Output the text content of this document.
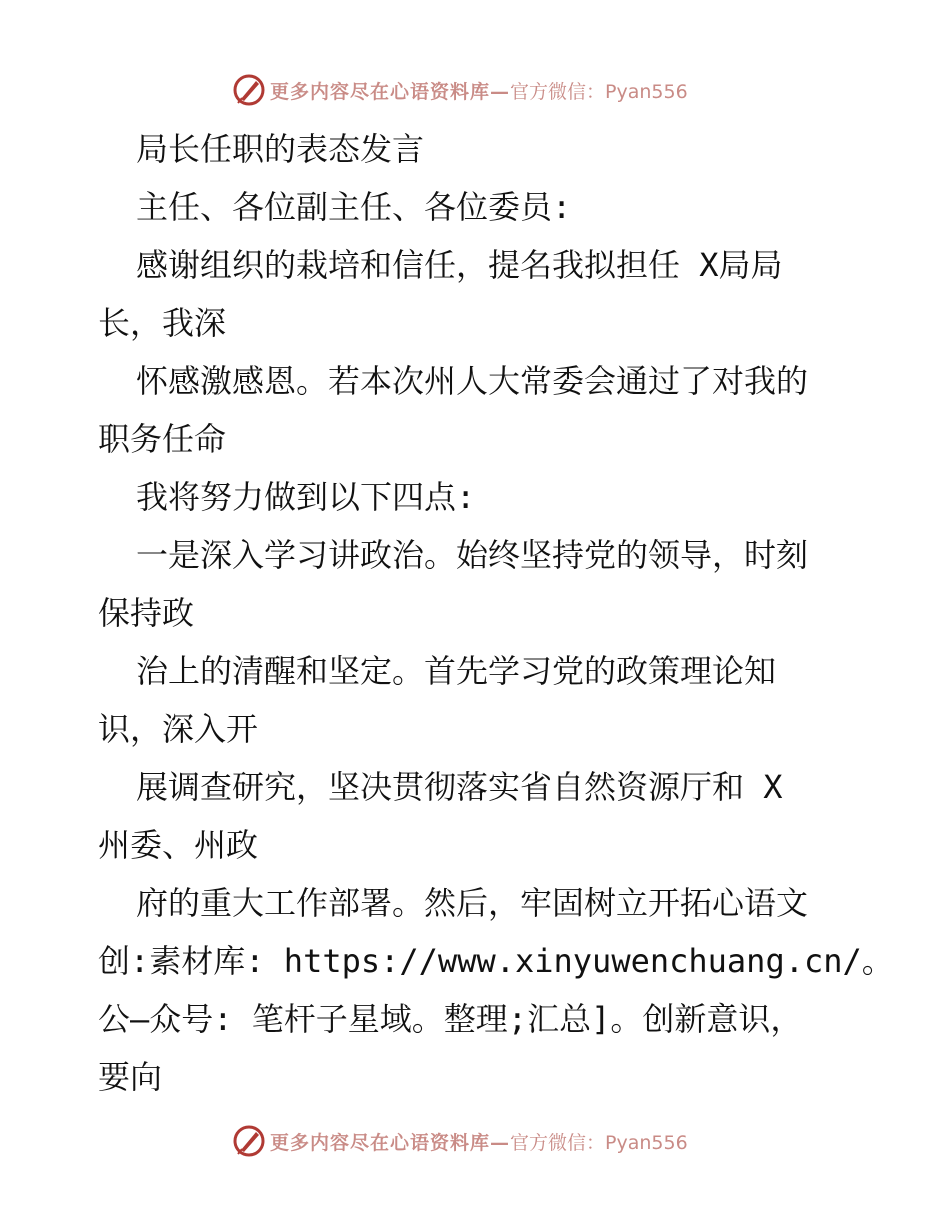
更多内容尽在心语资料库— 官方微信：Pyan556
局长任职的表态发言
主任、各位副主任、各位委员:
感谢组织的栽培和信任，提名我拟担任 X局局
长，我深
怀感激感恩。若本次州人大常委会通过了对我的
职务任命
我将努力做到以下四点:
一是深入学习讲政治。始终坚持党的领导，时刻
保持政
治上的清醒和坚定。首先学习党的政策理论知
识，深入开
展调查研究，坚决贯彻落实省自然资源厅和 X
州委、州政
府的重大工作部署。然后，牢固树立开拓心语文
创:素材库: https://www.xinyuwenchuang.cn/。
公—众号: 笔杆子星域。整理;汇总]。创新意识，
要向
更多内容尽在心语资料库— 官方微信：Pyan556
